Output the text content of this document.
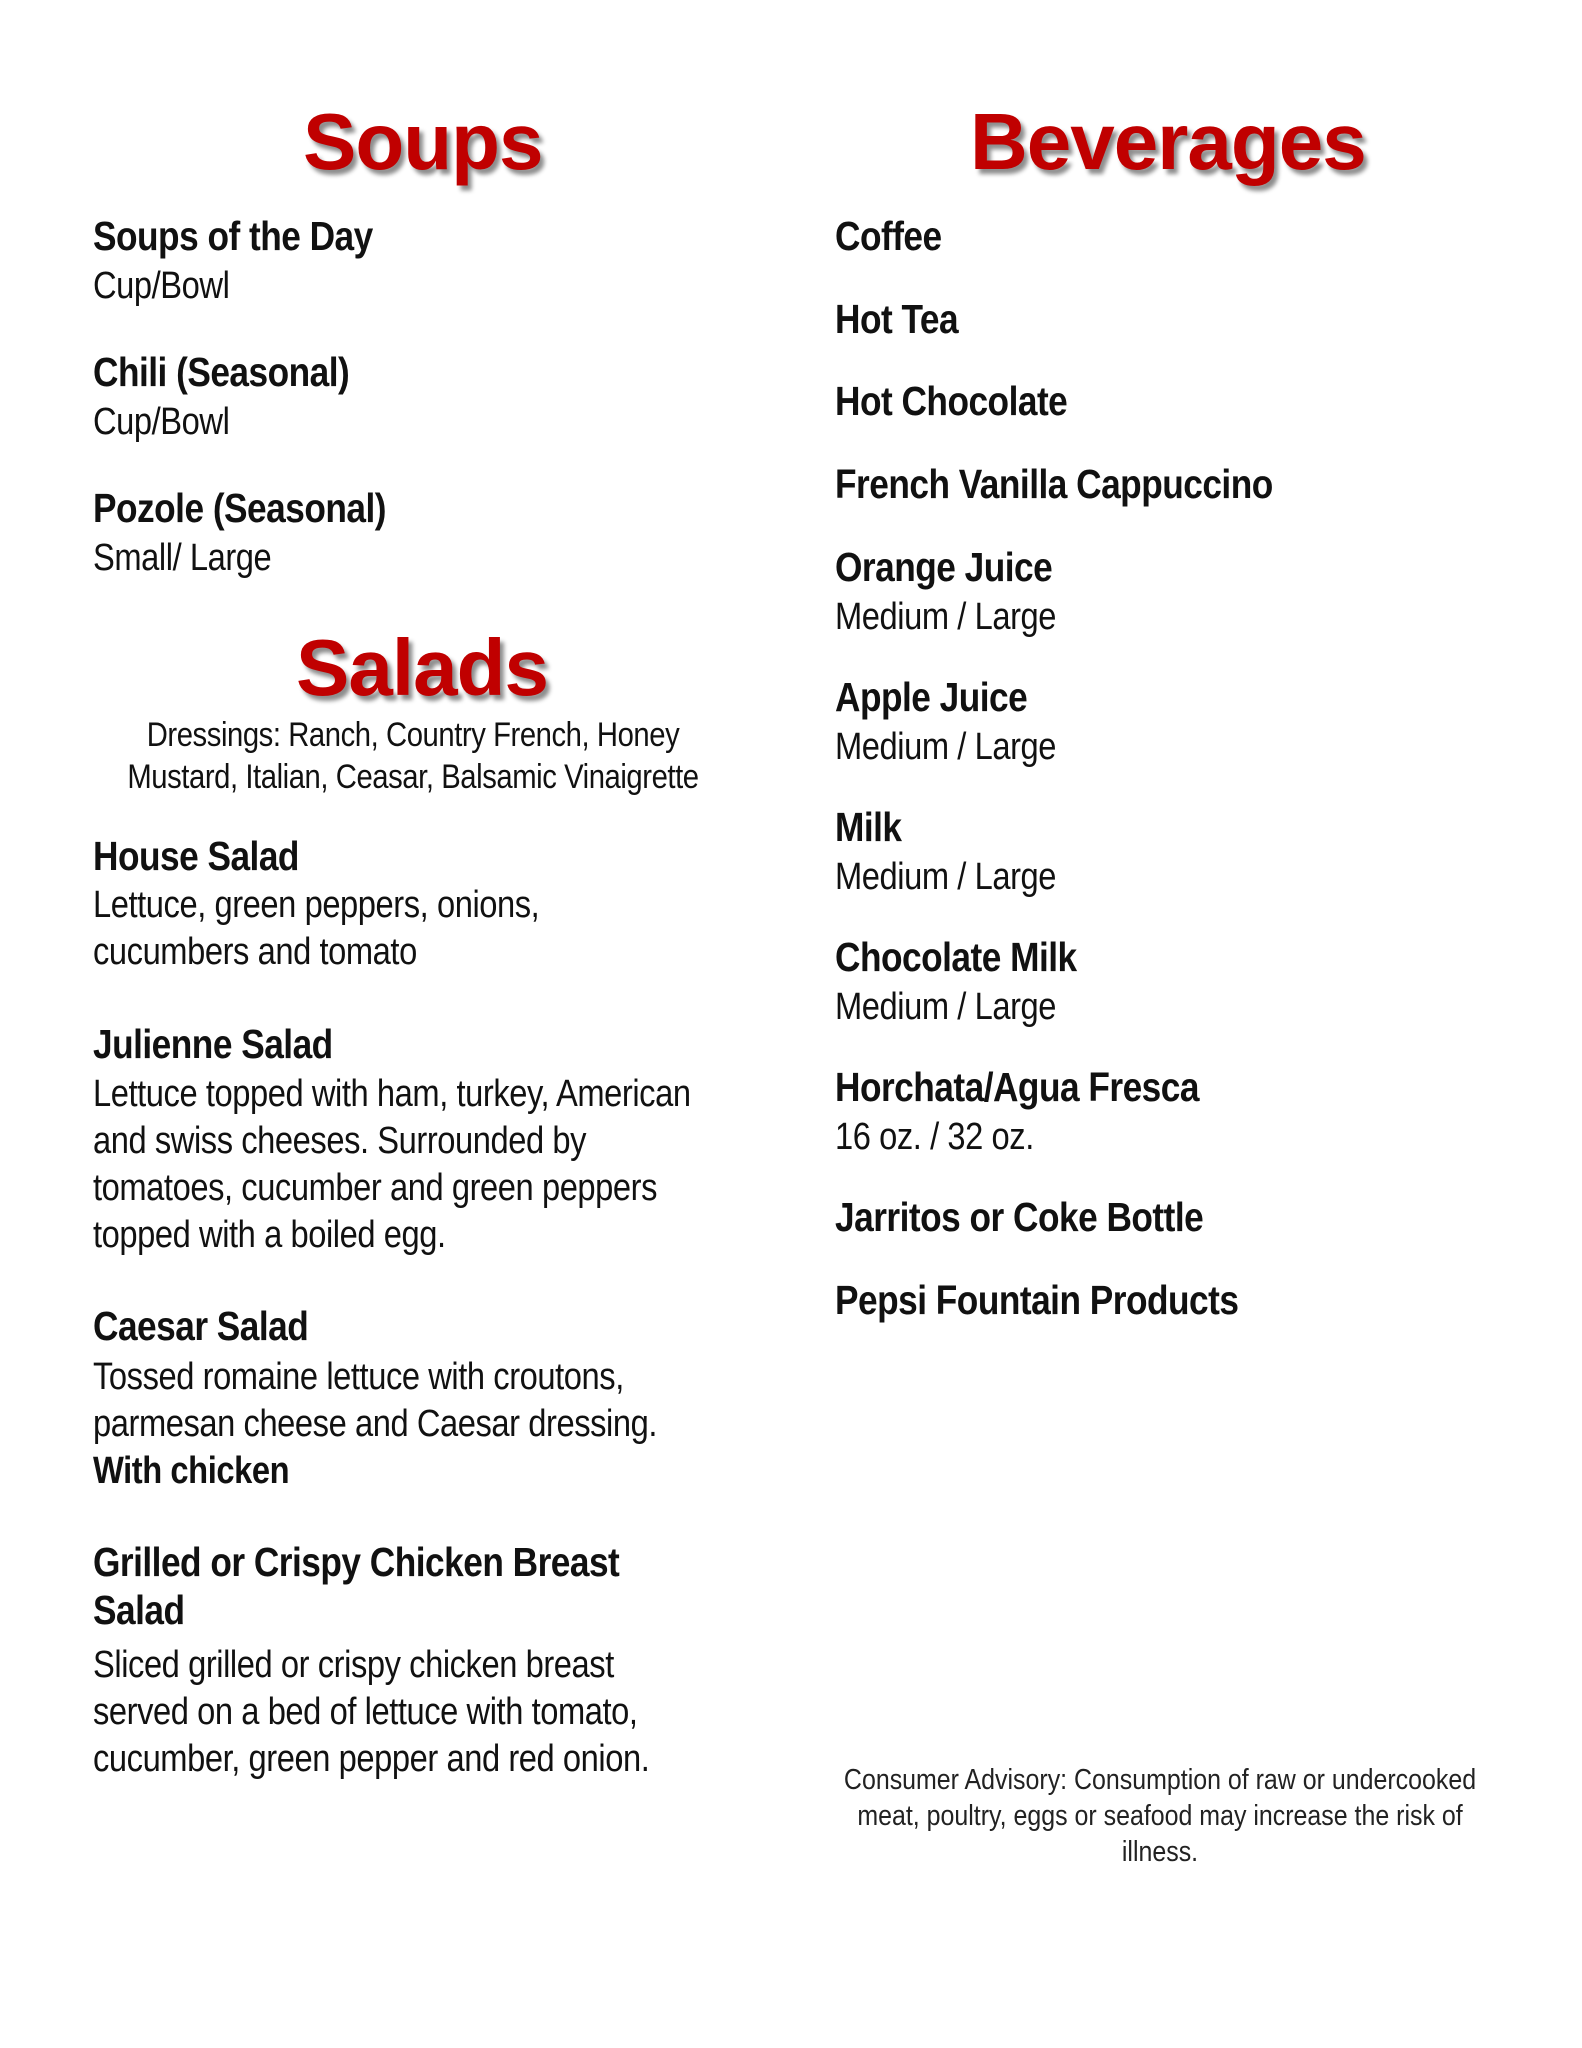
Soups
Soups of the Day
Cup/Bowl
Chili (Seasonal)
Cup/Bowl
Pozole (Seasonal)
Small/ Large
Salads
Dressings: Ranch, Country French, Honey Mustard, Italian, Ceasar, Balsamic Vinaigrette
House Salad
Lettuce, green peppers, onions, cucumbers and tomato
Julienne Salad
Lettuce topped with ham, turkey, American and swiss cheeses. Surrounded by tomatoes, cucumber and green peppers topped with a boiled egg.
Caesar Salad
Tossed romaine lettuce with croutons, parmesan cheese and Caesar dressing.
With chicken
Grilled or Crispy Chicken Breast Salad
Sliced grilled or crispy chicken breast served on a bed of lettuce with tomato, cucumber, green pepper and red onion.
Beverages
Coffee
Hot Tea
Hot Chocolate
French Vanilla Cappuccino
Orange Juice
Medium / Large
Apple Juice
Medium / Large
Milk
Medium / Large
Chocolate Milk
Medium / Large
Horchata/Agua Fresca
16 oz. / 32 oz.
Jarritos or Coke Bottle
Pepsi Fountain Products
Consumer Advisory: Consumption of raw or undercooked meat, poultry, eggs or seafood may increase the risk of illness.
